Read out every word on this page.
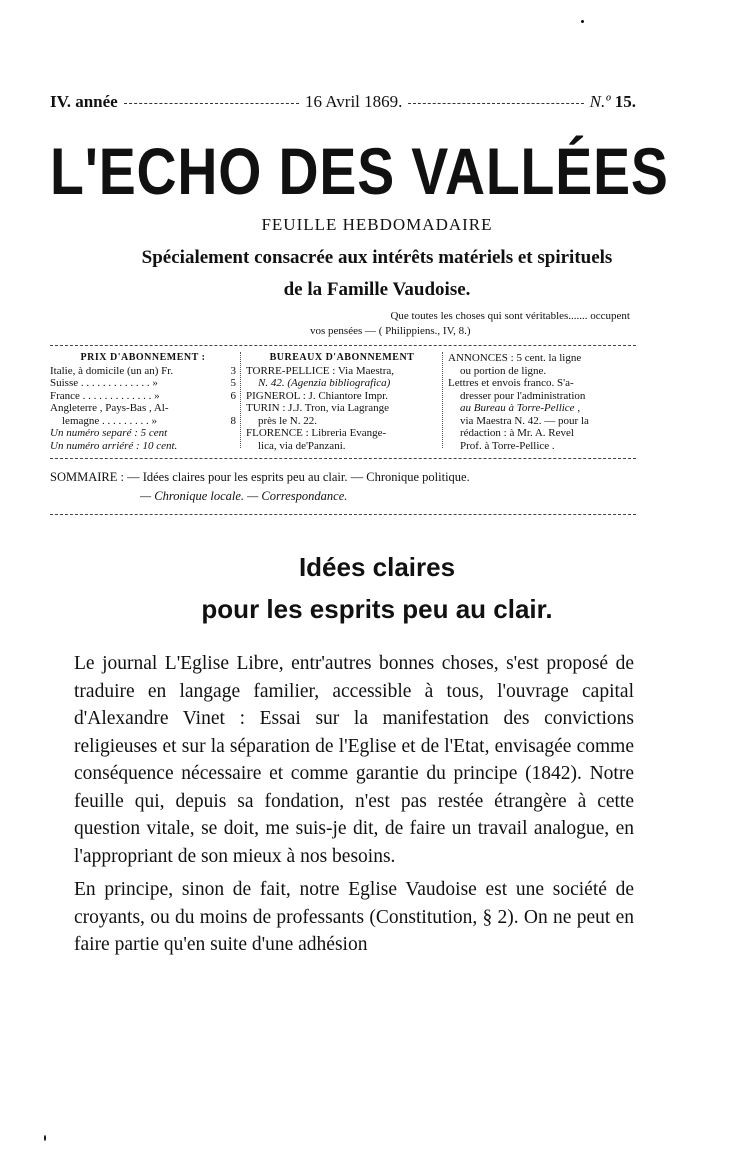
IV. année	16 Avril 1869.	N.º
15.
L'ECHO DES VALLÉES
FEUILLE HEBDOMADAIRE
Spécialement consacrée aux intérêts matériels et spirituels
de la Famille Vaudoise.
Que toutes les choses qui sont véritables....... occupent
vos pensées — ( Philippiens., IV, 8.)
PRIX D'ABONNEMENT :
Italie, à domicile (un an) Fr.	3
Suisse . . . . . . . . . . . . . »	5
France . . . . . . . . . . . . . »	6
Angleterre , Pays-Bas , Al-
lemagne . . . . . . . . . »	8
Un numéro separé : 5 cent
Un numéro arriéré : 10 cent.
BUREAUX D'ABONNEMENT
TORRE-PELLICE : Via Maestra,
N. 42. (Agenzia bibliografica)
PIGNEROL : J. Chiantore Impr.
TURIN : J.J. Tron, via Lagrange
près le N. 22.
FLORENCE : Libreria Evange-
lica, via de'Panzani.
ANNONCES : 5 cent. la ligne
ou portion de ligne.
Lettres et envois franco. S'a-
dresser pour l'administration
au Bureau à Torre-Pellice ,
via Maestra N. 42. — pour la
rédaction : à Mr. A. Revel
Prof. à Torre-Pellice .
SOMMAIRE : — Idées claires pour les esprits peu au clair. — Chronique politique.
— Chronique locale. — Correspondance.
Idées claires
pour les esprits peu au clair.

Le journal L'Eglise Libre, entr'autres bonnes choses, s'est proposé de traduire en langage familier, accessible à tous, l'ouvrage capital d'Alexandre Vinet : Essai sur la manifestation des convictions religieuses et sur la séparation de l'Eglise et de l'Etat, envisagée comme conséquence nécessaire et comme garantie du principe (1842). Notre feuille qui, depuis sa fondation, n'est pas restée étrangère à cette question vitale, se doit, me suis-je dit, de faire un travail analogue, en l'appropriant de son mieux à nos besoins.

En principe, sinon de fait, notre Eglise Vaudoise est une société de croyants, ou du moins de professants (Constitution, § 2). On ne peut en faire partie qu'en suite d'une adhésion
